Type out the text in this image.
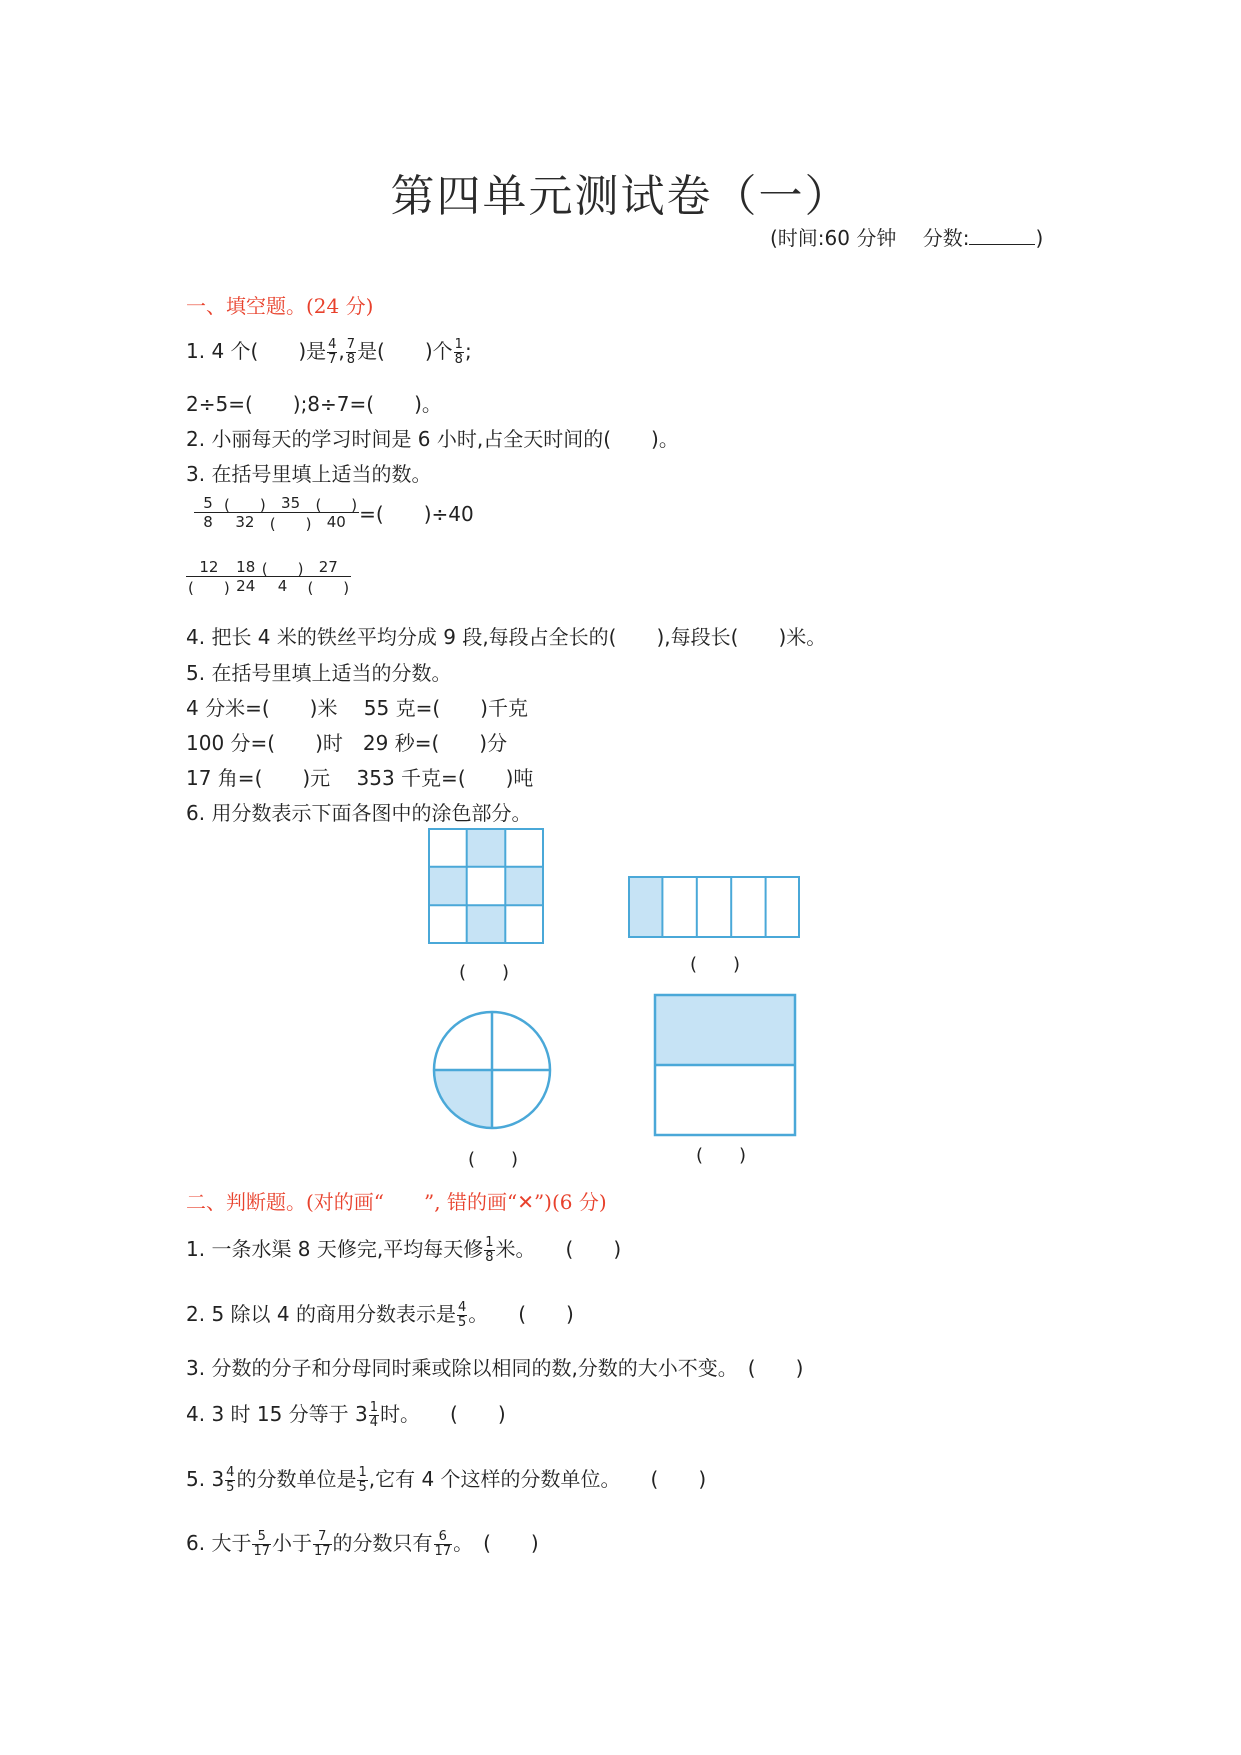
第四单元测试卷（一）
(时间:60 分钟　 分数:	)
一、填空题。(24 分)
1. 4 个(　　)是 $\frac{4}{7}$ , $\frac{7}{8}$ 是(　　)个 $\frac{1}{8}$ ;
2÷5=(　　);8÷7=(　　)。
2. 小丽每天的学习时间是 6 小时,占全天时间的(　　)。
3. 在括号里填上适当的数。
$\frac{5}{8}$ (　　)
32
35
(　　)
(　　)
40 =(　　)÷40
12
(　　) $\frac{18}{24}$ (　　)
4
27
(　　)
4. 把长 4 米的铁丝平均分成 9 段,每段占全长的(　　),每段长(　　)米。
5. 在括号里填上适当的分数。
4 分米=(　　)米　 55 克=(　　)千克
100 分=(　　)时　29 秒=(　　)分
17 角=(　　)元　 353 千克=(　　)吨
6. 用分数表示下面各图中的涂色部分。
(　　)	(　　)
(　　)	(　　)
二、判断题。(对的画“　　”, 错的画“✕”)(6 分)
1. 一条水渠 8 天修完,平均每天修 $\frac{1}{8}$ 米。　　(　　)
2. 5 除以 4 的商用分数表示是 $\frac{4}{5}$ 。　　(　　)
3. 分数的分子和分母同时乘或除以相同的数,分数的大小不变。　(　　)
4. 3 时 15 分等于 $3 \frac{1}{4}$ 时。　　(　　)
5. $3 \frac{4}{5}$ 的分数单位是 $\frac{1}{5}$ ,它有 4 个这样的分数单位。　　(　　)
6. 大于 $\frac{5}{17}$ 小于 $\frac{7}{17}$ 的分数只有 $\frac{6}{17}$ 。　(　　)
